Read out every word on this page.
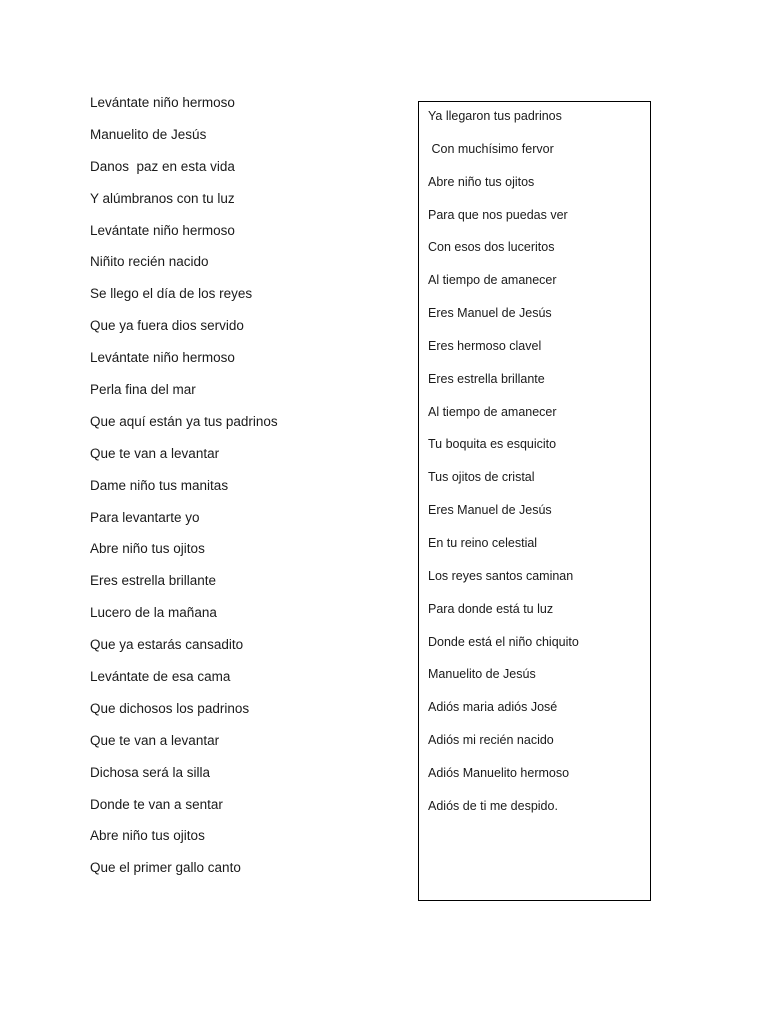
Levántate niño hermoso
Manuelito de Jesús
Danos  paz en esta vida
Y alúmbranos con tu luz
Levántate niño hermoso
Niñito recién nacido
Se llego el día de los reyes
Que ya fuera dios servido
Levántate niño hermoso
Perla fina del mar
Que aquí están ya tus padrinos
Que te van a levantar
Dame niño tus manitas
Para levantarte yo
Abre niño tus ojitos
Eres estrella brillante
Lucero de la mañana
Que ya estarás cansadito
Levántate de esa cama
Que dichosos los padrinos
Que te van a levantar
Dichosa será la silla
Donde te van a sentar
Abre niño tus ojitos
Que el primer gallo canto
Ya llegaron tus padrinos
Con muchísimo fervor
Abre niño tus ojitos
Para que nos puedas ver
Con esos dos luceritos
Al tiempo de amanecer
Eres Manuel de Jesús
Eres hermoso clavel
Eres estrella brillante
Al tiempo de amanecer
Tu boquita es esquicito
Tus ojitos de cristal
Eres Manuel de Jesús
En tu reino celestial
Los reyes santos caminan
Para donde está tu luz
Donde está el niño chiquito
Manuelito de Jesús
Adiós maria adiós José
Adiós mi recién nacido
Adiós Manuelito hermoso
Adiós de ti me despido.
